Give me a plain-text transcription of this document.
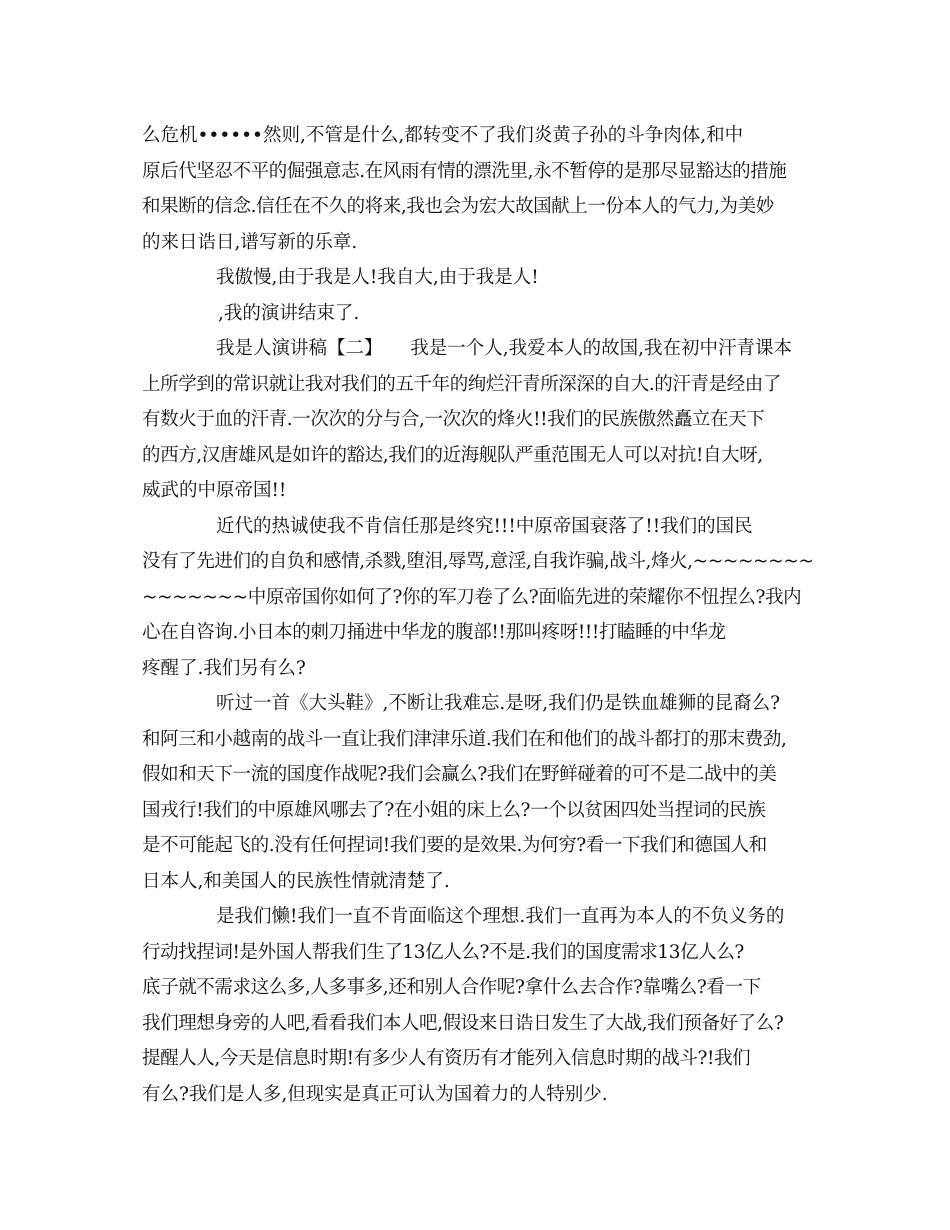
么危机••••••然则,不管是什么,都转变不了我们炎黄子孙的斗争肉体,和中
原后代坚忍不平的倔强意志.在风雨有情的漂洗里,永不暂停的是那尽显豁达的措施
和果断的信念.信任在不久的将来,我也会为宏大故国献上一份本人的气力,为美妙
的来日诰日,谱写新的乐章.
我傲慢,由于我是人!我自大,由于我是人!
,我的演讲结束了.
我是人演讲稿【二】　　我是一个人,我爱本人的故国,我在初中汗青课本
上所学到的常识就让我对我们的五千年的绚烂汗青所深深的自大.的汗青是经由了
有数火于血的汗青.一次次的分与合,一次次的烽火!!我们的民族傲然矗立在天下
的西方,汉唐雄风是如许的豁达,我们的近海舰队严重范围无人可以对抗!自大呀,
威武的中原帝国!!
近代的热诚使我不肯信任那是终究!!!中原帝国衰落了!!我们的国民
没有了先进们的自负和感情,杀戮,堕泪,辱骂,意淫,自我诈骗,战斗,烽火,~~~~~~~~
~~~~~~~中原帝国你如何了?你的军刀卷了么?面临先进的荣耀你不忸捏么?我内
心在自咨询.小日本的刺刀捅进中华龙的腹部!!那叫疼呀!!!打瞌睡的中华龙
疼醒了.我们另有么?
听过一首《大头鞋》,不断让我难忘.是呀,我们仍是铁血雄狮的昆裔么?
和阿三和小越南的战斗一直让我们津津乐道.我们在和他们的战斗都打的那末费劲,
假如和天下一流的国度作战呢?我们会赢么?我们在野鲜碰着的可不是二战中的美
国戎行!我们的中原雄风哪去了?在小姐的床上么?一个以贫困四处当捏词的民族
是不可能起飞的.没有任何捏词!我们要的是效果.为何穷?看一下我们和德国人和
日本人,和美国人的民族性情就清楚了.
是我们懒!我们一直不肯面临这个理想.我们一直再为本人的不负义务的
行动找捏词!是外国人帮我们生了13亿人么?不是.我们的国度需求13亿人么?
底子就不需求这么多,人多事多,还和别人合作呢?拿什么去合作?靠嘴么?看一下
我们理想身旁的人吧,看看我们本人吧,假设来日诰日发生了大战,我们预备好了么?
提醒人人,今天是信息时期!有多少人有资历有才能列入信息时期的战斗?!我们
有么?我们是人多,但现实是真正可认为国着力的人特别少.
